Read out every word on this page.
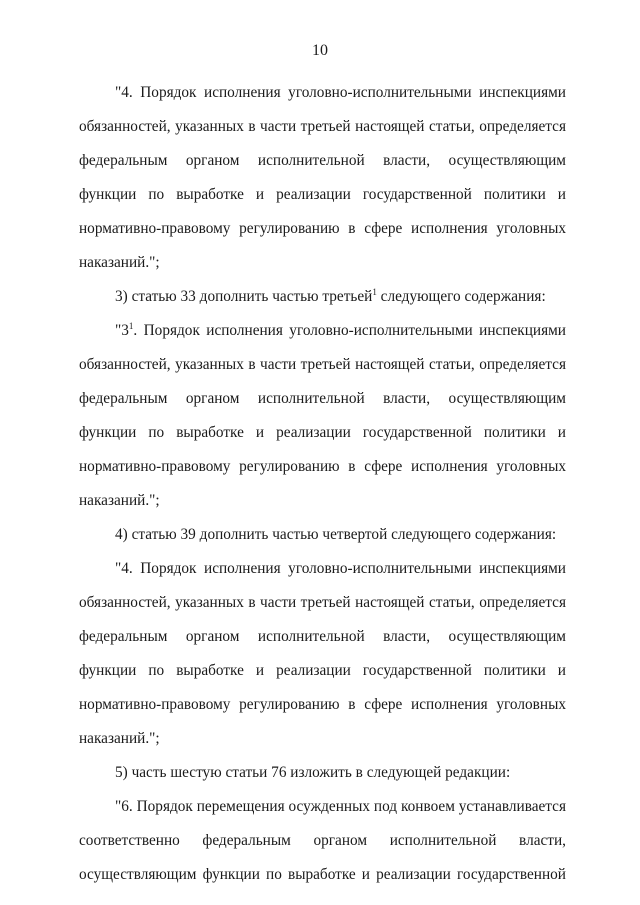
10

"4. Порядок исполнения уголовно-исполнительными инспекциями обязанностей, указанных в части третьей настоящей статьи, определяется федеральным органом исполнительной власти, осуществляющим функции по выработке и реализации государственной политики и нормативно-правовому регулированию в сфере исполнения уголовных наказаний.";

3) статью 33 дополнить частью третьей$^1$ следующего содержания:

"$3^1$. Порядок исполнения уголовно-исполнительными инспекциями обязанностей, указанных в части третьей настоящей статьи, определяется федеральным органом исполнительной власти, осуществляющим функции по выработке и реализации государственной политики и нормативно-правовому регулированию в сфере исполнения уголовных наказаний.";

4) статью 39 дополнить частью четвертой следующего содержания:

"4. Порядок исполнения уголовно-исполнительными инспекциями обязанностей, указанных в части третьей настоящей статьи, определяется федеральным органом исполнительной власти, осуществляющим функции по выработке и реализации государственной политики и нормативно-правовому регулированию в сфере исполнения уголовных наказаний.";

5) часть шестую статьи 76 изложить в следующей редакции:

"6. Порядок перемещения осужденных под конвоем устанавливается соответственно федеральным органом исполнительной власти, осуществляющим функции по выработке и реализации государственной
